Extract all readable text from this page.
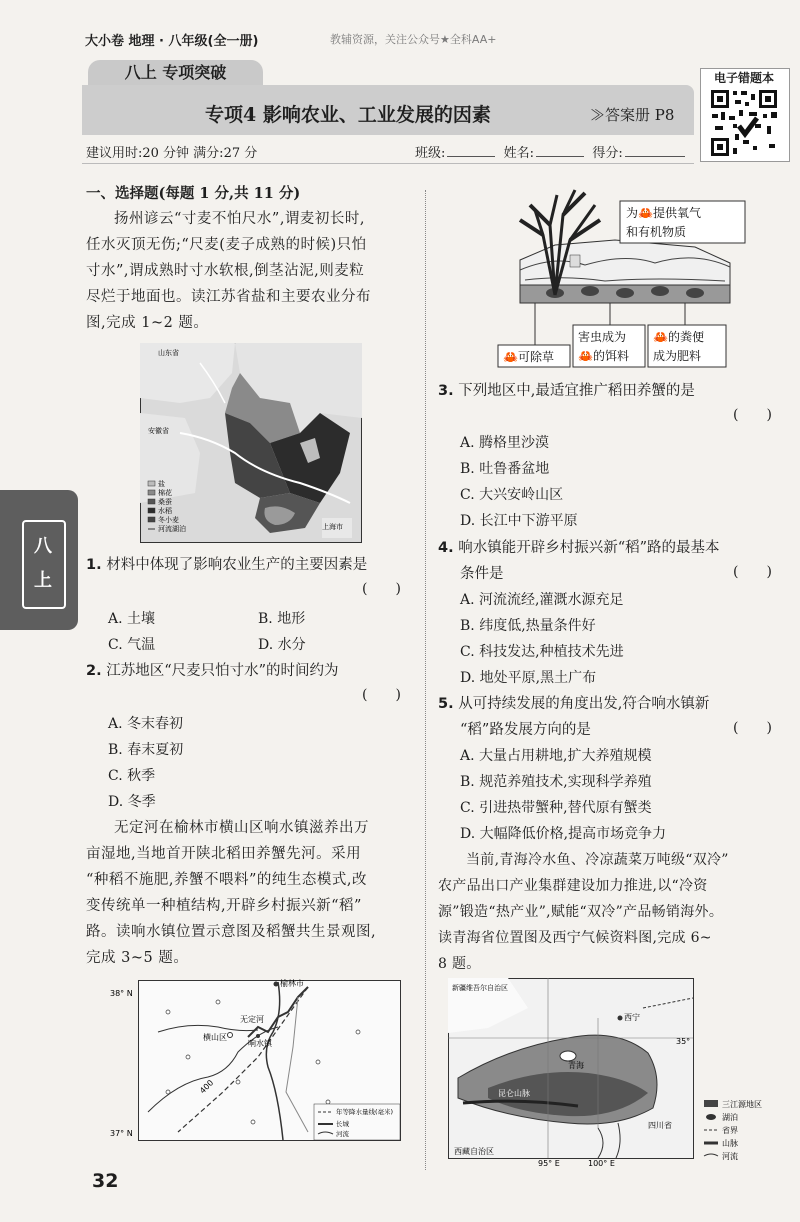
大小卷 地理 · 八年级(全一册)	教辅资源，关注公众号★全科AA+
八上 专项突破
专项4 影响农业、工业发展的因素	≫答案册 P8
电子错题本
建议用时:20 分钟 满分:27 分	班级:	姓名:	得分:
八
上
一、选择题(每题 1 分,共 11 分)
扬州谚云“寸麦不怕尺水”,谓麦初长时,
任水灭顶无伤;“尺麦(麦子成熟的时候)只怕
寸水”,谓成熟时寸水软根,倒茎沾泥,则麦粒
尽烂于地面也。读江苏省盐和主要农业分布
图,完成 1~2 题。
山东省
安徽省
上海市
盐
棉花
桑蚕
水稻
冬小麦
河流湖泊
1. 材料中体现了影响农业生产的主要因素是
(　　)
A. 土壤	B. 地形
C. 气温	D. 水分
2. 江苏地区“尺麦只怕寸水”的时间约为
(　　)
A. 冬末春初
B. 春末夏初
C. 秋季
D. 冬季
无定河在榆林市横山区响水镇滋养出万
亩湿地,当地首开陕北稻田养蟹先河。采用
“种稻不施肥,养蟹不喂料”的纯生态模式,改
变传统单一种植结构,开辟乡村振兴新“稻”
路。读响水镇位置示意图及稻蟹共生景观图,
完成 3~5 题。
38° N
37° N
榆林市
横山区
响水镇
无定河
400
年等降水量线(毫米)
长城
河流
为🦀提供氧气
和有机物质
害虫成为
🦀的饵料
🦀的粪便
成为肥料
🦀可除草
3. 下列地区中,最适宜推广稻田养蟹的是
(　　)
A. 腾格里沙漠
B. 吐鲁番盆地
C. 大兴安岭山区
D. 长江中下游平原
4. 响水镇能开辟乡村振兴新“稻”路的最基本
条件是	(　　)
A. 河流流经,灌溉水源充足
B. 纬度低,热量条件好
C. 科技发达,种植技术先进
D. 地处平原,黑土广布
5. 从可持续发展的角度出发,符合响水镇新
“稻”路发展方向的是	(　　)
A. 大量占用耕地,扩大养殖规模
B. 规范养殖技术,实现科学养殖
C. 引进热带蟹种,替代原有蟹类
D. 大幅降低价格,提高市场竞争力
当前,青海冷水鱼、冷凉蔬菜万吨级“双冷”
农产品出口产业集群建设加力推进,以“冷资
源”锻造“热产业”,赋能“双冷”产品畅销海外。
读青海省位置图及西宁气候资料图,完成 6~
8 题。
新疆维吾尔自治区
青海
西宁
昆仑山脉
四川省
西藏自治区
95° E	100° E
35°
三江源地区
湖泊
省界
山脉
河流
32
